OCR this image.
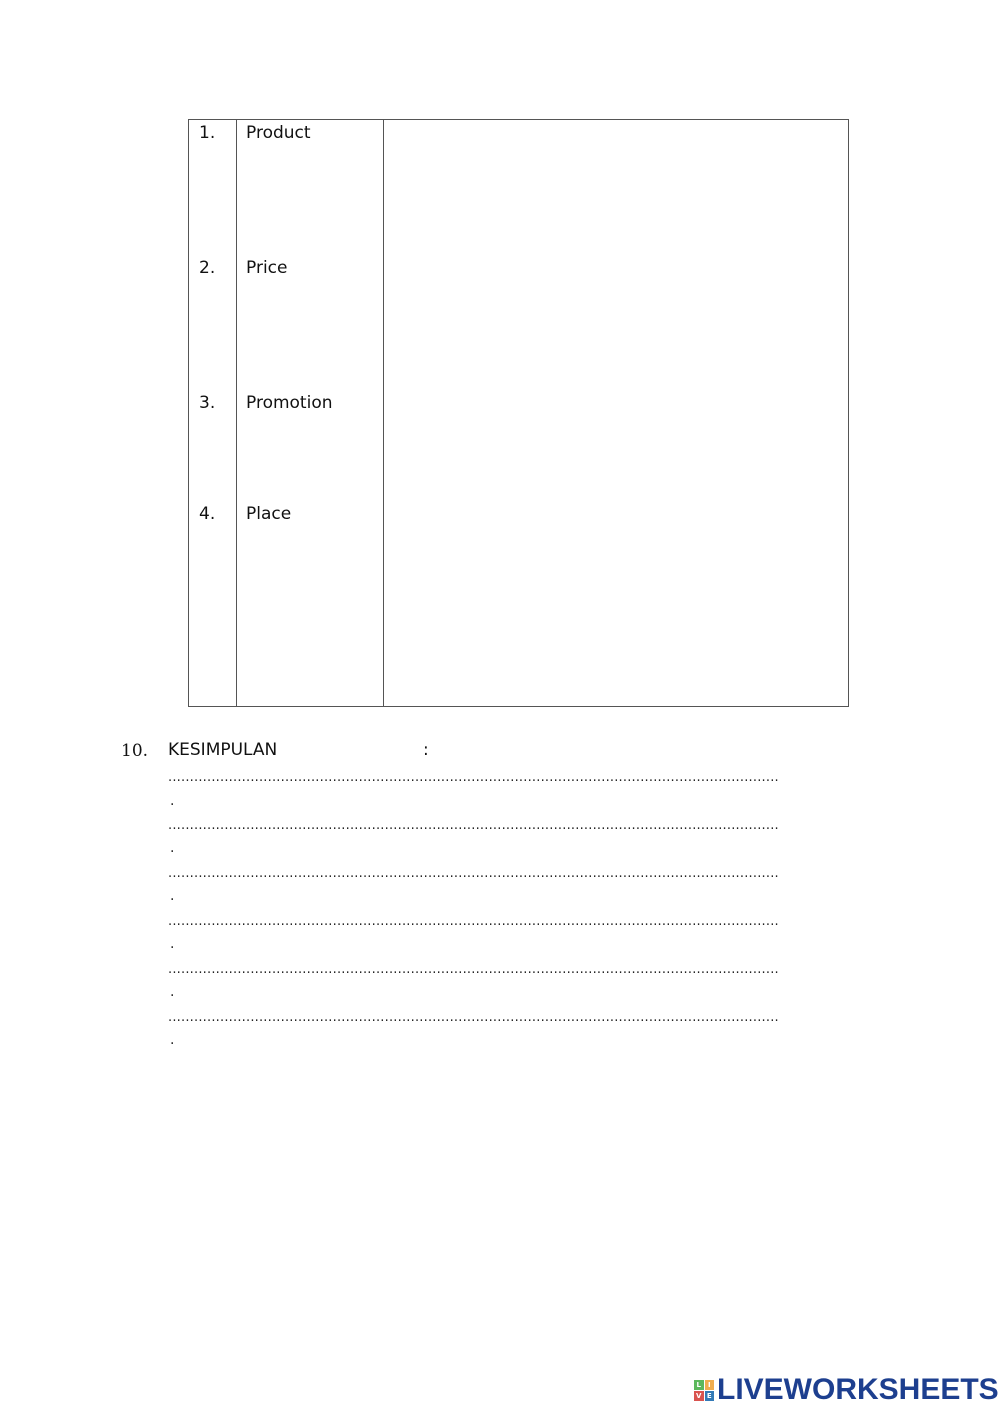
1. Product
2. Price
3. Promotion
4. Place
10. KESIMPULAN	:
.............................................................................................................................................
.
.............................................................................................................................................
.
.............................................................................................................................................
.
.............................................................................................................................................
.
.............................................................................................................................................
.
.............................................................................................................................................
.
L I
V E LIVEWORKSHEETS
